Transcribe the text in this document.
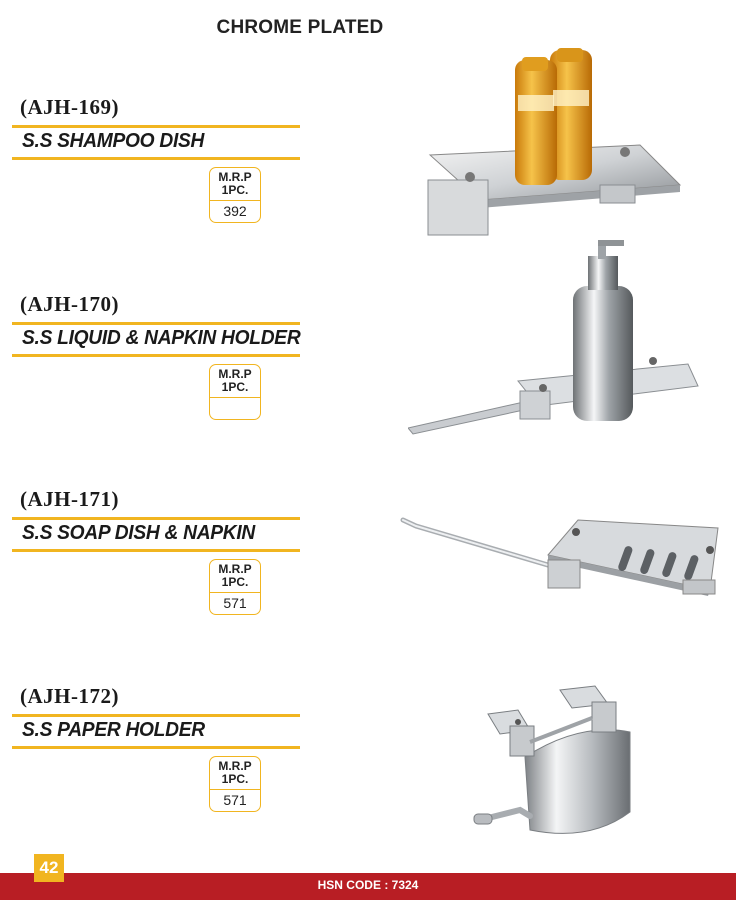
CHROME PLATED
(AJH-169)
S.S SHAMPOO DISH
M.R.P
1PC.
392
(AJH-170)
S.S LIQUID & NAPKIN HOLDER
M.R.P
1PC.
(AJH-171)
S.S SOAP DISH & NAPKIN
M.R.P
1PC.
571
(AJH-172)
S.S PAPER HOLDER
M.R.P
1PC.
571
HSN CODE : 7324
42
